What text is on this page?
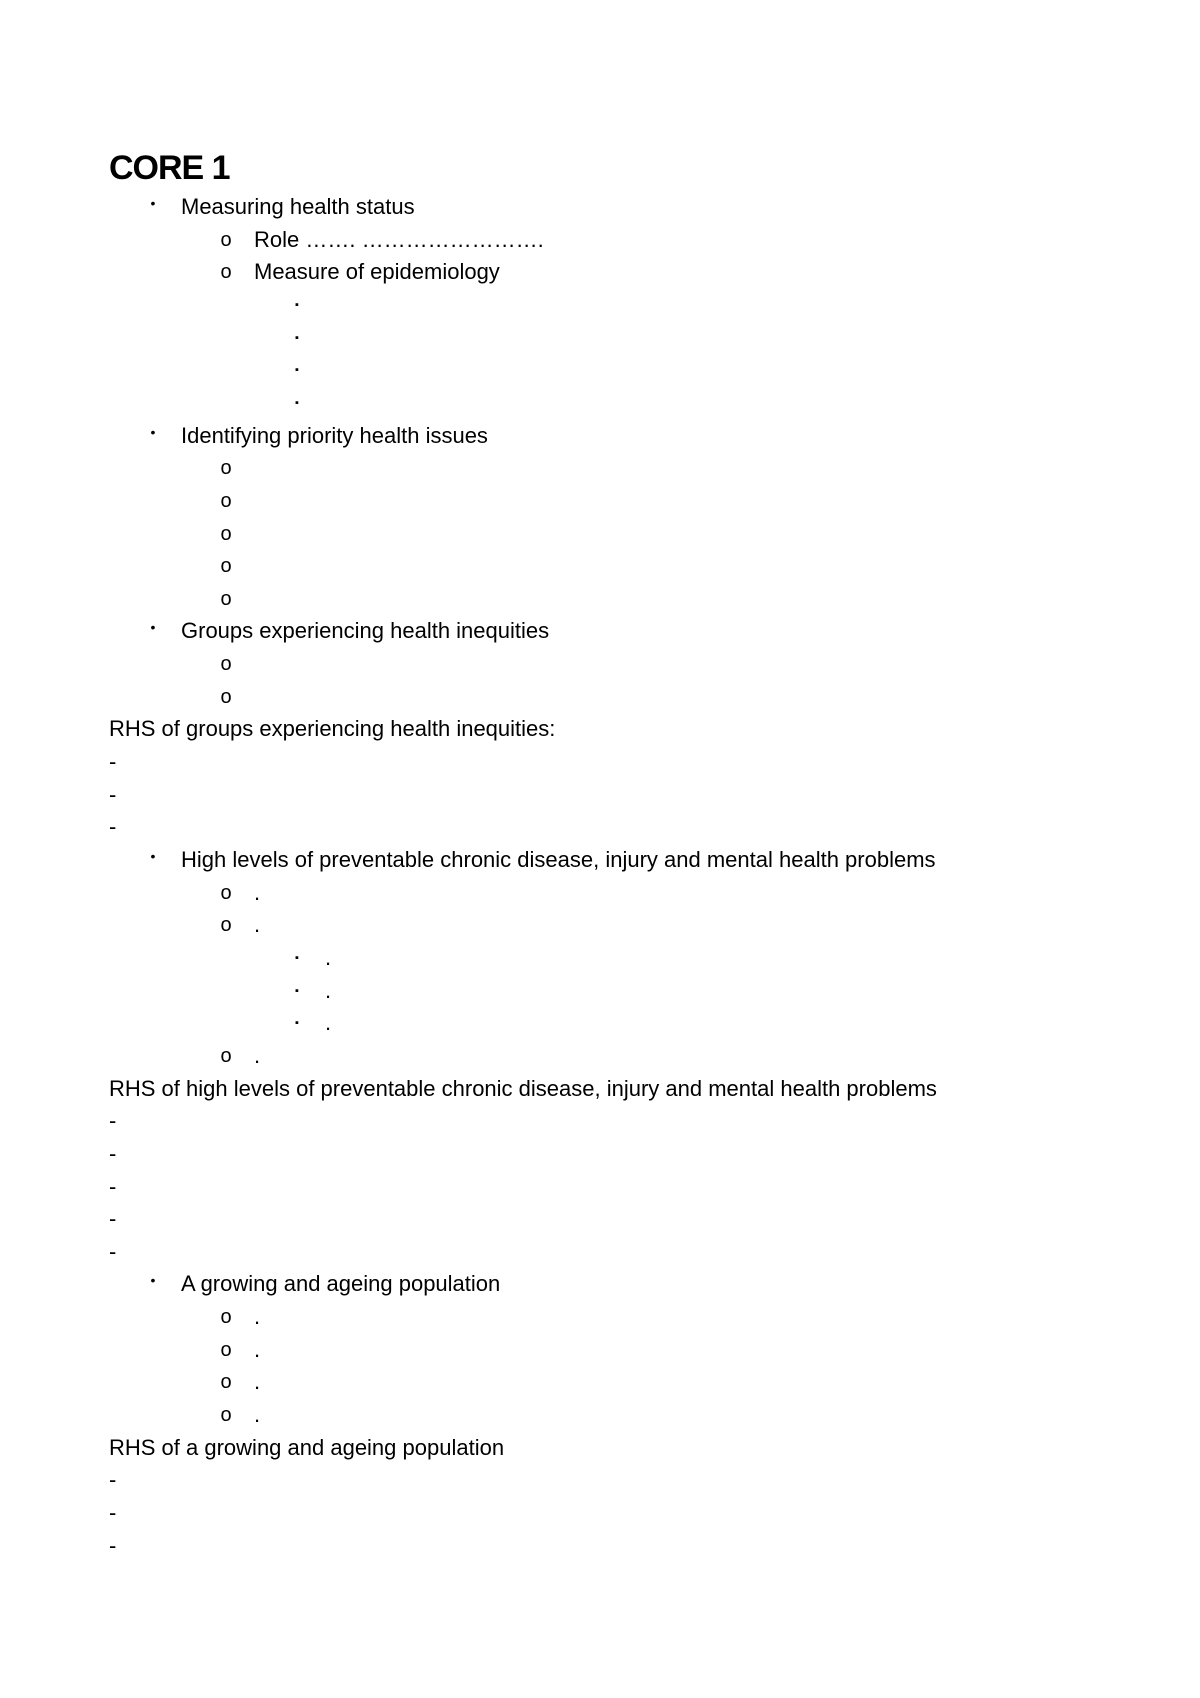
CORE 1
•	Measuring health status
o Role ……. …………………….
o Measure of epidemiology
▪
▪
▪
▪
•	Identifying priority health issues
o
o
o
o
o
•	Groups experiencing health inequities
o
o
RHS of groups experiencing health inequities:
-
-
-
•	High levels of preventable chronic disease, injury and mental health problems
o .
o .
▪	.
▪	.
▪	.
o .
RHS of high levels of preventable chronic disease, injury and mental health problems
-
-
-
-
-
•	A growing and ageing population
o .
o .
o .
o .
RHS of a growing and ageing population
-
-
-
